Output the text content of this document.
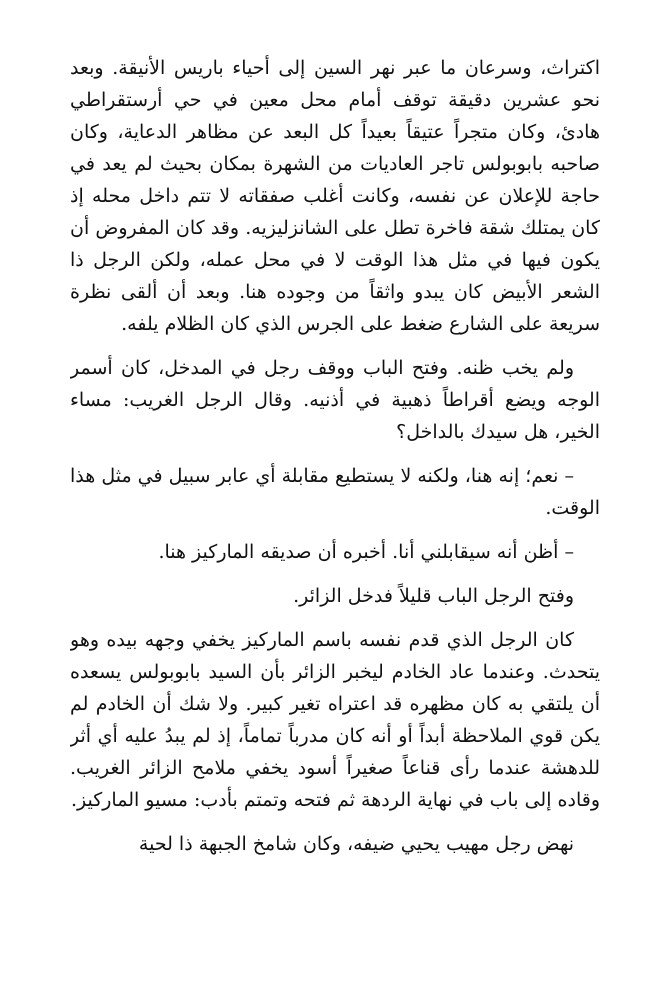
اكتراث، وسرعان ما عبر نهر السين إلى أحياء باريس الأنيقة. وبعد نحو عشرين دقيقة توقف أمام محل معين في حي أرستقراطي هادئ، وكان متجراً عتيقاً بعيداً كل البعد عن مظاهر الدعاية، وكان صاحبه بابوبولس تاجر العاديات من الشهرة بمكان بحيث لم يعد في حاجة للإعلان عن نفسه، وكانت أغلب صفقاته لا تتم داخل محله إذ كان يمتلك شقة فاخرة تطل على الشانزليزيه. وقد كان المفروض أن يكون فيها في مثل هذا الوقت لا في محل عمله، ولكن الرجل ذا الشعر الأبيض كان يبدو واثقاً من وجوده هنا. وبعد أن ألقى نظرة سريعة على الشارع ضغط على الجرس الذي كان الظلام يلفه.

ولم يخب ظنه. وفتح الباب ووقف رجل في المدخل، كان أسمر الوجه ويضع أقراطاً ذهبية في أذنيه. وقال الرجل الغريب: مساء الخير، هل سيدك بالداخل؟

– نعم؛ إنه هنا، ولكنه لا يستطيع مقابلة أي عابر سبيل في مثل هذا الوقت.

– أظن أنه سيقابلني أنا. أخبره أن صديقه الماركيز هنا.

وفتح الرجل الباب قليلاً فدخل الزائر.

كان الرجل الذي قدم نفسه باسم الماركيز يخفي وجهه بيده وهو يتحدث. وعندما عاد الخادم ليخبر الزائر بأن السيد بابوبولس يسعده أن يلتقي به كان مظهره قد اعتراه تغير كبير. ولا شك أن الخادم لم يكن قوي الملاحظة أبداً أو أنه كان مدرباً تماماً، إذ لم يبدُ عليه أي أثر للدهشة عندما رأى قناعاً صغيراً أسود يخفي ملامح الزائر الغريب. وقاده إلى باب في نهاية الردهة ثم فتحه وتمتم بأدب: مسيو الماركيز.

نهض رجل مهيب يحيي ضيفه، وكان شامخ الجبهة ذا لحية
